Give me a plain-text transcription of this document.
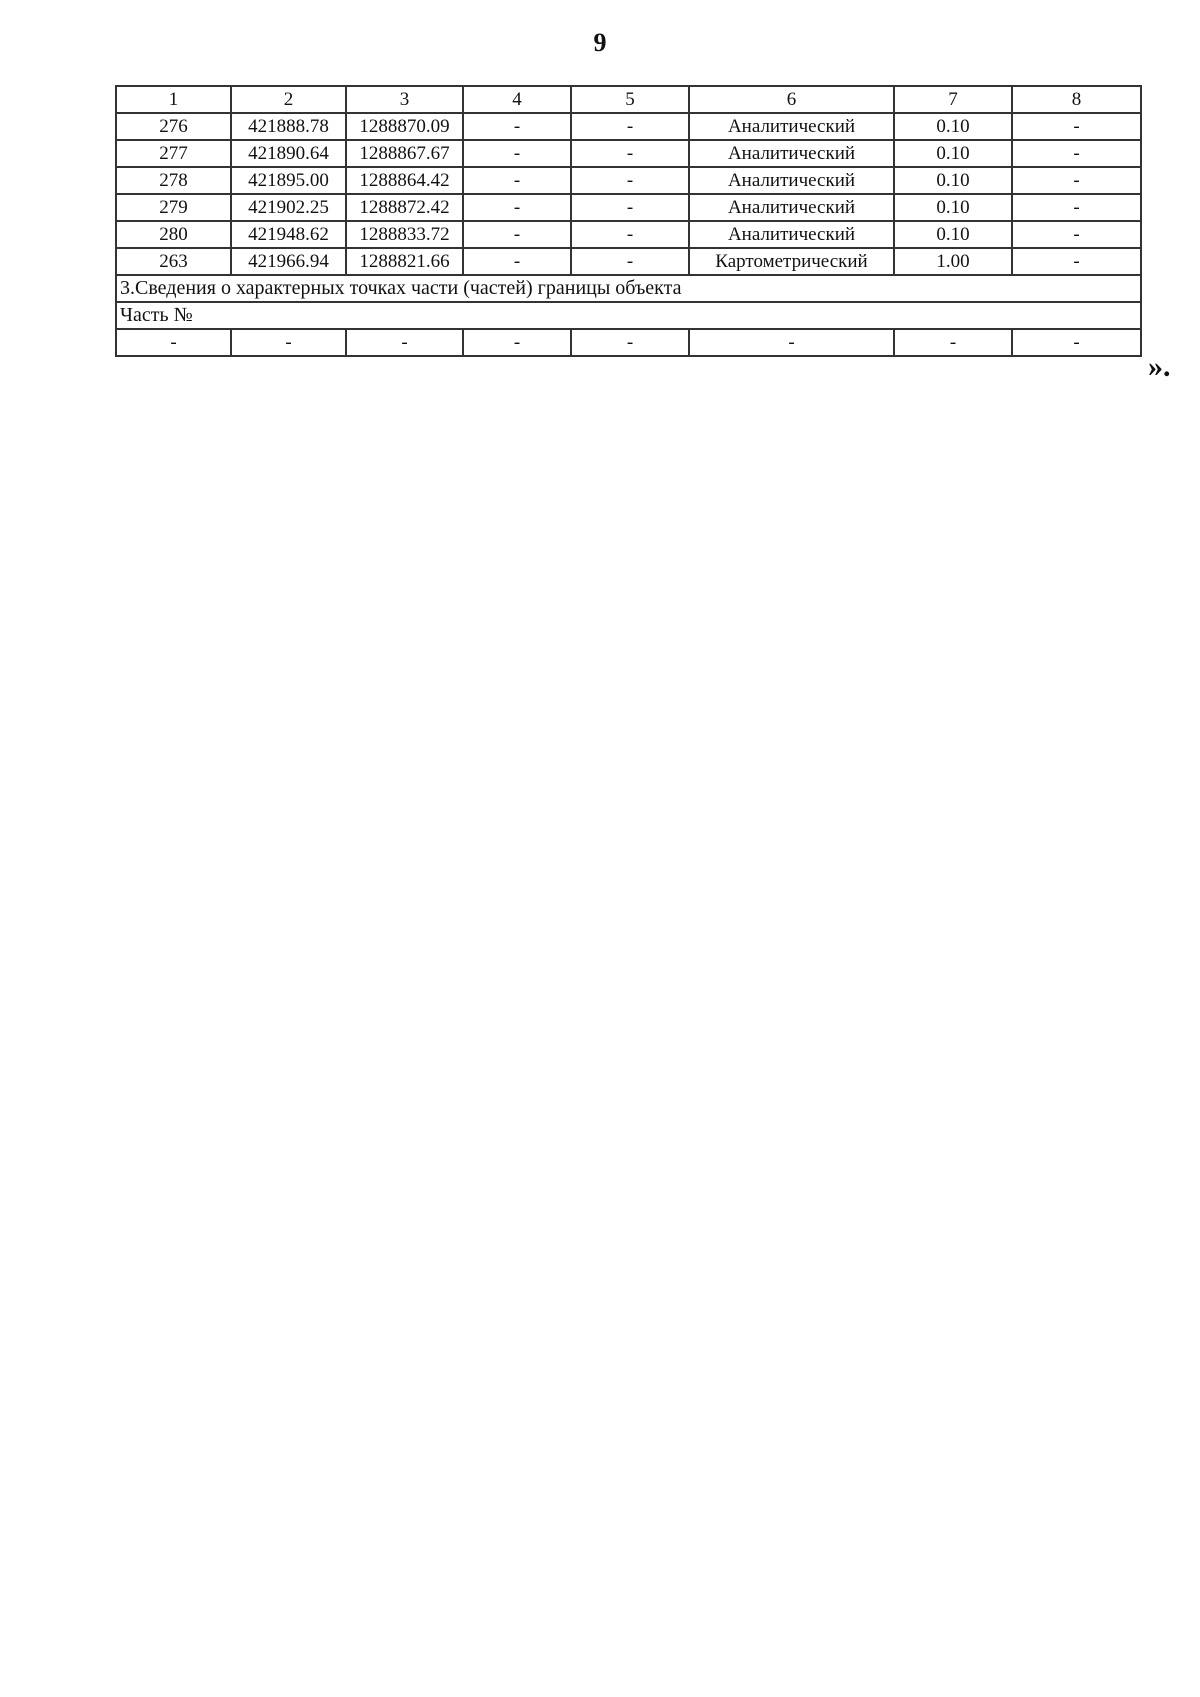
9
1	2	3	4	5	6	7	8
276	421888.78	1288870.09	-	-	Аналитический	0.10	-
277	421890.64	1288867.67	-	-	Аналитический	0.10	-
278	421895.00	1288864.42	-	-	Аналитический	0.10	-
279	421902.25	1288872.42	-	-	Аналитический	0.10	-
280	421948.62	1288833.72	-	-	Аналитический	0.10	-
263	421966.94	1288821.66	-	-	Картометрический	1.00	-
3.Сведения о характерных точках части (частей) границы объекта							
Часть №							
-	-	-	-	-	-	-	-
».
